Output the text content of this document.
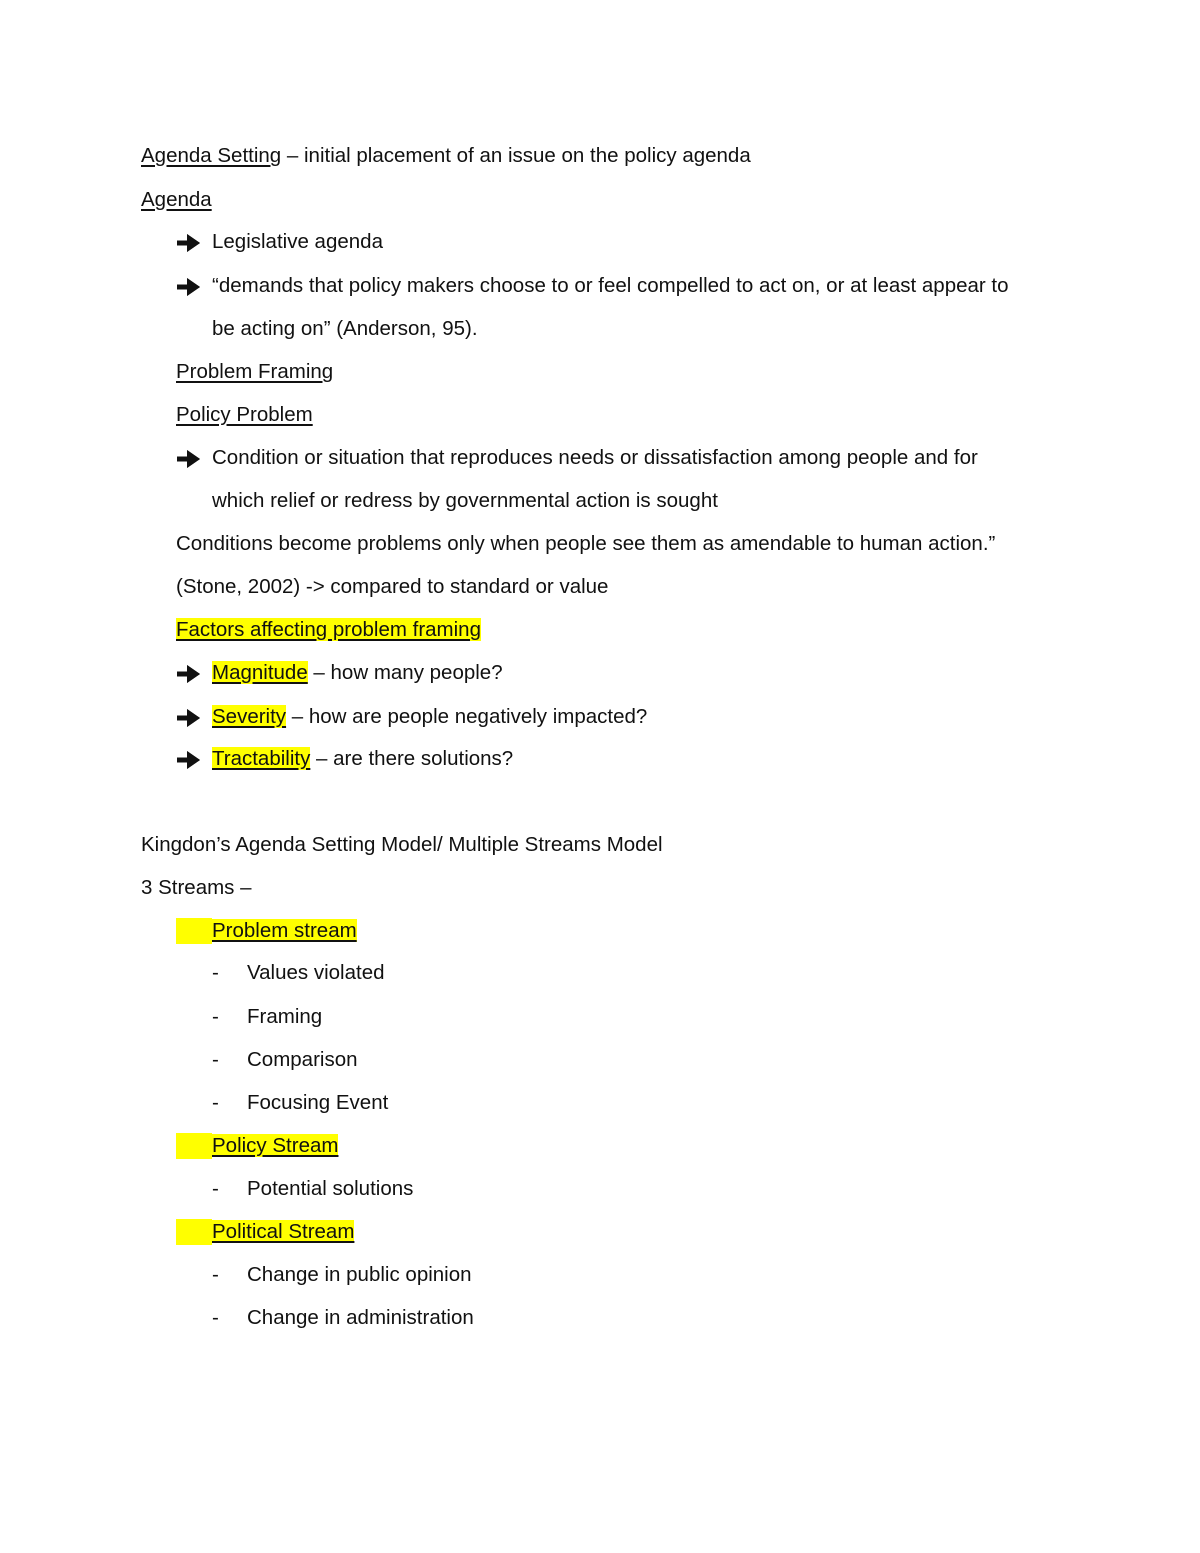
Agenda Setting – initial placement of an issue on the policy agenda
Agenda
Legislative agenda
“demands that policy makers choose to or feel compelled to act on, or at least appear to
be acting on” (Anderson, 95).
Problem Framing
Policy Problem
Condition or situation that reproduces needs or dissatisfaction among people and for
which relief or redress by governmental action is sought
Conditions become problems only when people see them as amendable to human action.”
(Stone, 2002) -> compared to standard or value
Factors affecting problem framing
Magnitude – how many people?
Severity – how are people negatively impacted?
Tractability – are there solutions?
Kingdon’s Agenda Setting Model/ Multiple Streams Model
3 Streams –
Problem stream
- Values violated
- Framing
- Comparison
- Focusing Event
Policy Stream
- Potential solutions
Political Stream
- Change in public opinion
- Change in administration
